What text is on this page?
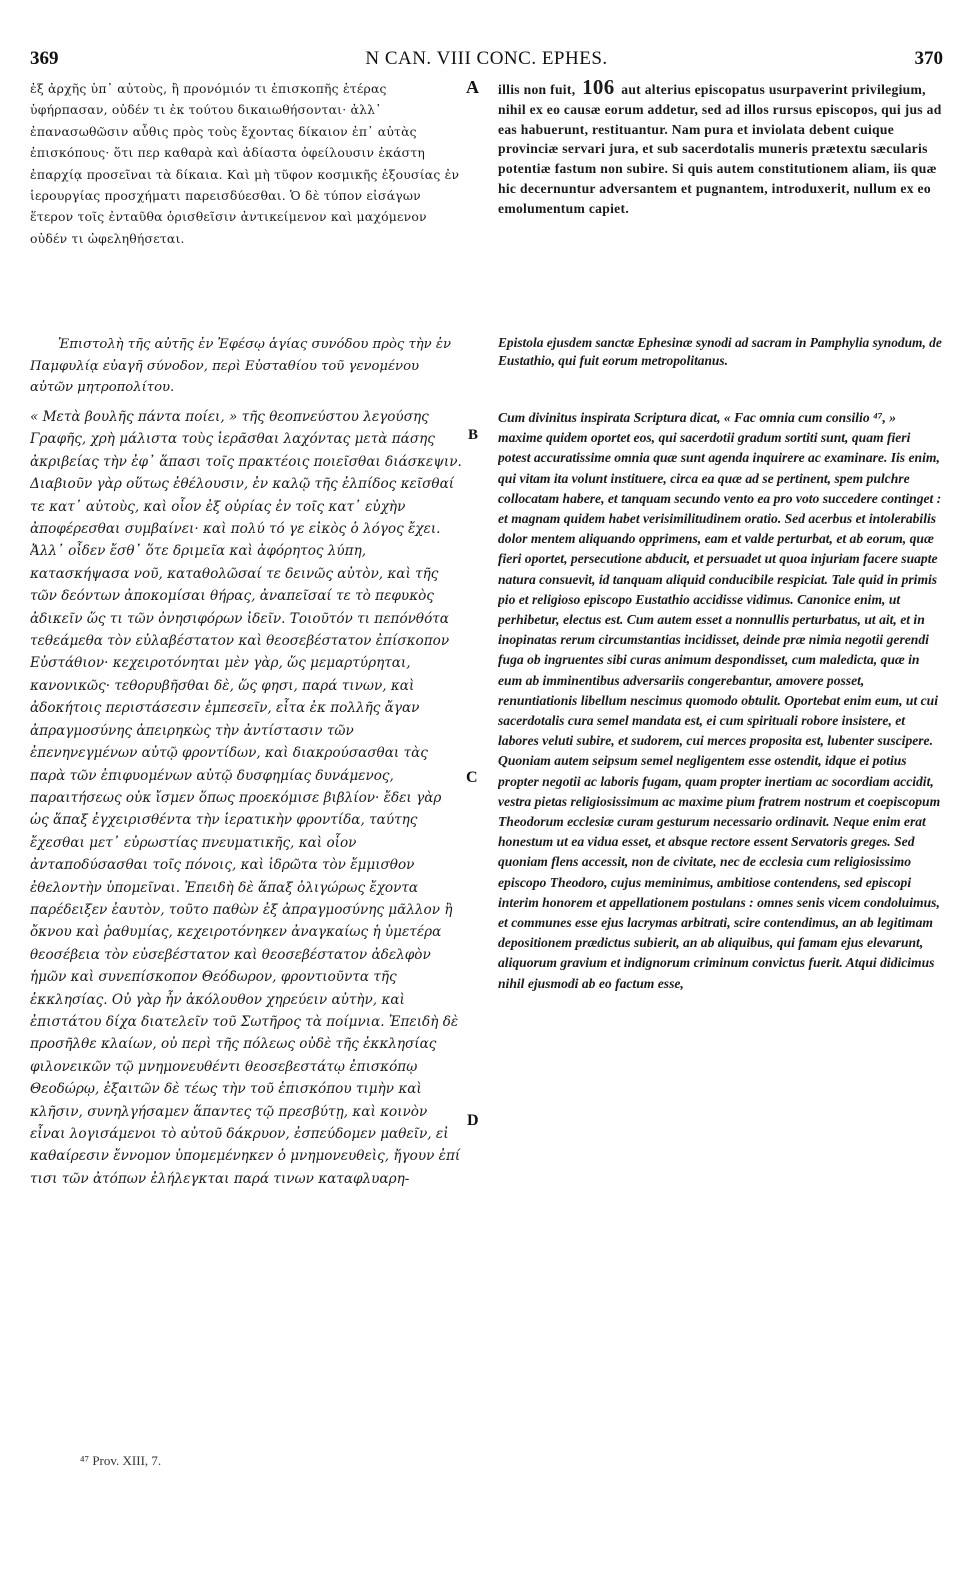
369	N CAN. VIII CONC. EPHES.	370

ἐξ ἀρχῆς ὑπ᾽ αὐτοὺς, ἢ προνόμιόν τι ἐπισκοπῆς ἑτέρας ὑφήρπασαν, οὐδέν τι ἐκ τούτου δικαιωθήσονται· ἀλλ᾽ ἐπανασωθῶσιν αὖθις πρὸς τοὺς ἔχοντας δίκαιον ἐπ᾽ αὐτὰς ἐπισκόπους· ὅτι περ καθαρὰ καὶ ἀδίαστα ὀφείλουσιν ἑκάστη ἐπαρχίᾳ προσεῖναι τὰ δίκαια. Καὶ μὴ τῦφον κοσμικῆς ἐξουσίας ἐν ἱερουργίας προσχήματι παρεισδύεσθαι. Ὁ δὲ τύπον εἰσάγων ἕτερον τοῖς ἐνταῦθα ὁρισθεῖσιν ἀντικείμενον καὶ μαχόμενον οὐδέν τι ὠφεληθήσεται.

Ἐπιστολὴ τῆς αὐτῆς ἐν Ἐφέσῳ ἁγίας συνόδου πρὸς τὴν ἐν Παμφυλίᾳ εὐαγῆ σύνοδον, περὶ Εὐσταθίου τοῦ γενομένου αὐτῶν μητροπολίτου.

« Μετὰ βουλῆς πάντα ποίει, » τῆς θεοπνεύστου λεγούσης Γραφῆς, χρὴ μάλιστα τοὺς ἱερᾶσθαι λαχόντας μετὰ πάσης ἀκριβείας τὴν ἐφ᾽ ἅπασι τοῖς πρακτέοις ποιεῖσθαι διάσκεψιν. Διαβιοῦν γὰρ οὕτως ἐθέλουσιν, ἐν καλῷ τῆς ἐλπίδος κεῖσθαί τε κατ᾽ αὐτοὺς, καὶ οἷον ἐξ οὐρίας ἐν τοῖς κατ᾽ εὐχὴν ἀποφέρεσθαι συμβαίνει· καὶ πολύ τό γε εἰκὸς ὁ λόγος ἔχει. Ἀλλ᾽ οἶδεν ἔσθ᾽ ὅτε δριμεῖα καὶ ἀφόρητος λύπη, κατασκήψασα νοῦ, καταθολῶσαί τε δεινῶς αὐτὸν, καὶ τῆς τῶν δεόντων ἀποκομίσαι θήρας, ἀναπεῖσαί τε τὸ πεφυκὸς ἀδικεῖν ὥς τι τῶν ὀνησιφόρων ἰδεῖν. Τοιοῦτόν τι πεπόνθότα τεθεάμεθα τὸν εὐλαβέστατον καὶ θεοσεβέστατον ἐπίσκοπον Εὐστάθιον· κεχειροτόνηται μὲν γὰρ, ὥς μεμαρτύρηται, κανονικῶς· τεθορυβῆσθαι δὲ, ὥς φησι, παρά τινων, καὶ ἀδοκήτοις περιστάσεσιν ἐμπεσεῖν, εἶτα ἐκ πολλῆς ἄγαν ἀπραγμοσύνης ἀπειρηκὼς τὴν ἀντίστασιν τῶν ἐπενηνεγμένων αὐτῷ φροντίδων, καὶ διακρούσασθαι τὰς παρὰ τῶν ἐπιφυομένων αὐτῷ δυσφημίας δυνάμενος, παραιτήσεως οὐκ ἴσμεν ὅπως προεκόμισε βιβλίον· ἔδει γὰρ ὡς ἅπαξ ἐγχειρισθέντα τὴν ἱερατικὴν φροντίδα, ταύτης ἔχεσθαι μετ᾽ εὐρωστίας πνευματικῆς, καὶ οἷον ἀνταποδύσασθαι τοῖς πόνοις, καὶ ἱδρῶτα τὸν ἔμμισθον ἐθελοντὴν ὑπομεῖναι. Ἐπειδὴ δὲ ἅπαξ ὀλιγώρως ἔχοντα παρέδειξεν ἑαυτὸν, τοῦτο παθὼν ἐξ ἀπραγμοσύνης μᾶλλον ἢ ὄκνου καὶ ῥαθυμίας, κεχειροτόνηκεν ἀναγκαίως ἡ ὑμετέρα θεοσέβεια τὸν εὐσεβέστατον καὶ θεοσεβέστατον ἀδελφὸν ἡμῶν καὶ συνεπίσκοπον Θεόδωρον, φροντιοῦντα τῆς ἐκκλησίας. Οὐ γὰρ ἦν ἀκόλουθον χηρεύειν αὐτὴν, καὶ ἐπιστάτου δίχα διατελεῖν τοῦ Σωτῆρος τὰ ποίμνια. Ἐπειδὴ δὲ προσῆλθε κλαίων, οὐ περὶ τῆς πόλεως οὐδὲ τῆς ἐκκλησίας φιλονεικῶν τῷ μνημονευθέντι θεοσεβεστάτῳ ἐπισκόπῳ Θεοδώρῳ, ἐξαιτῶν δὲ τέως τὴν τοῦ ἐπισκόπου τιμὴν καὶ κλῆσιν, συνηλγήσαμεν ἅπαντες τῷ πρεσβύτῃ, καὶ κοινὸν εἶναι λογισάμενοι τὸ αὐτοῦ δάκρυον, ἐσπεύδομεν μαθεῖν, εἰ καθαίρεσιν ἔννομον ὑπομεμένηκεν ὁ μνημονευθεὶς, ἤγουν ἐπί τισι τῶν ἀτόπων ἐλήλεγκται παρά τινων καταφλυαρη-

A
B
C
D

illis non fuit, 106 aut alterius episcopatus usurpaverint privilegium, nihil ex eo causæ eorum addetur, sed ad illos rursus episcopos, qui jus ad eas habuerunt, restituantur. Nam pura et inviolata debent cuique provinciæ servari jura, et sub sacerdotalis muneris prætextu sæcularis potentiæ fastum non subire. Si quis autem constitutionem aliam, iis quæ hic decernuntur adversantem et pugnantem, introduxerit, nullum ex eo emolumentum capiet.

Epistola ejusdem sanctæ Ephesinæ synodi ad sacram in Pamphylia synodum, de Eustathio, qui fuit eorum metropolitanus.

Cum divinitus inspirata Scriptura dicat, « Fac omnia cum consilio ⁴⁷, » maxime quidem oportet eos, qui sacerdotii gradum sortiti sunt, quam fieri potest accuratissime omnia quæ sunt agenda inquirere ac examinare. Iis enim, qui vitam ita volunt instituere, circa ea quæ ad se pertinent, spem pulchre collocatam habere, et tanquam secundo vento ea pro voto succedere continget : et magnam quidem habet verisimilitudinem oratio. Sed acerbus et intolerabilis dolor mentem aliquando opprimens, eam et valde perturbat, et ab eorum, quæ fieri oportet, persecutione abducit, et persuadet ut quoa injuriam facere suapte natura consuevit, id tanquam aliquid conducibile respiciat. Tale quid in primis pio et religioso episcopo Eustathio accidisse vidimus. Canonice enim, ut perhibetur, electus est. Cum autem esset a nonnullis perturbatus, ut ait, et in inopinatas rerum circumstantias incidisset, deinde præ nimia negotii gerendi fuga ob ingruentes sibi curas animum despondisset, cum maledicta, quæ in eum ab imminentibus adversariis congerebantur, amovere posset, renuntiationis libellum nescimus quomodo obtulit. Oportebat enim eum, ut cui sacerdotalis cura semel mandata est, ei cum spirituali robore insistere, et labores veluti subire, et sudorem, cui merces proposita est, lubenter suscipere. Quoniam autem seipsum semel negligentem esse ostendit, idque ei potius propter negotii ac laboris fugam, quam propter inertiam ac socordiam accidit, vestra pietas religiosissimum ac maxime pium fratrem nostrum et coepiscopum Theodorum ecclesiæ curam gesturum necessario ordinavit. Neque enim erat honestum ut ea vidua esset, et absque rectore essent Servatoris greges. Sed quoniam flens accessit, non de civitate, nec de ecclesia cum religiosissimo episcopo Theodoro, cujus meminimus, ambitiose contendens, sed episcopi interim honorem et appellationem postulans : omnes senis vicem condoluimus, et communes esse ejus lacrymas arbitrati, scire contendimus, an ab legitimam depositionem prædictus subierit, an ab aliquibus, qui famam ejus elevarunt, aliquorum gravium et indignorum criminum convictus fuerit. Atqui didicimus nihil ejusmodi ab eo factum esse,

⁴⁷ Prov. XIII, 7.
